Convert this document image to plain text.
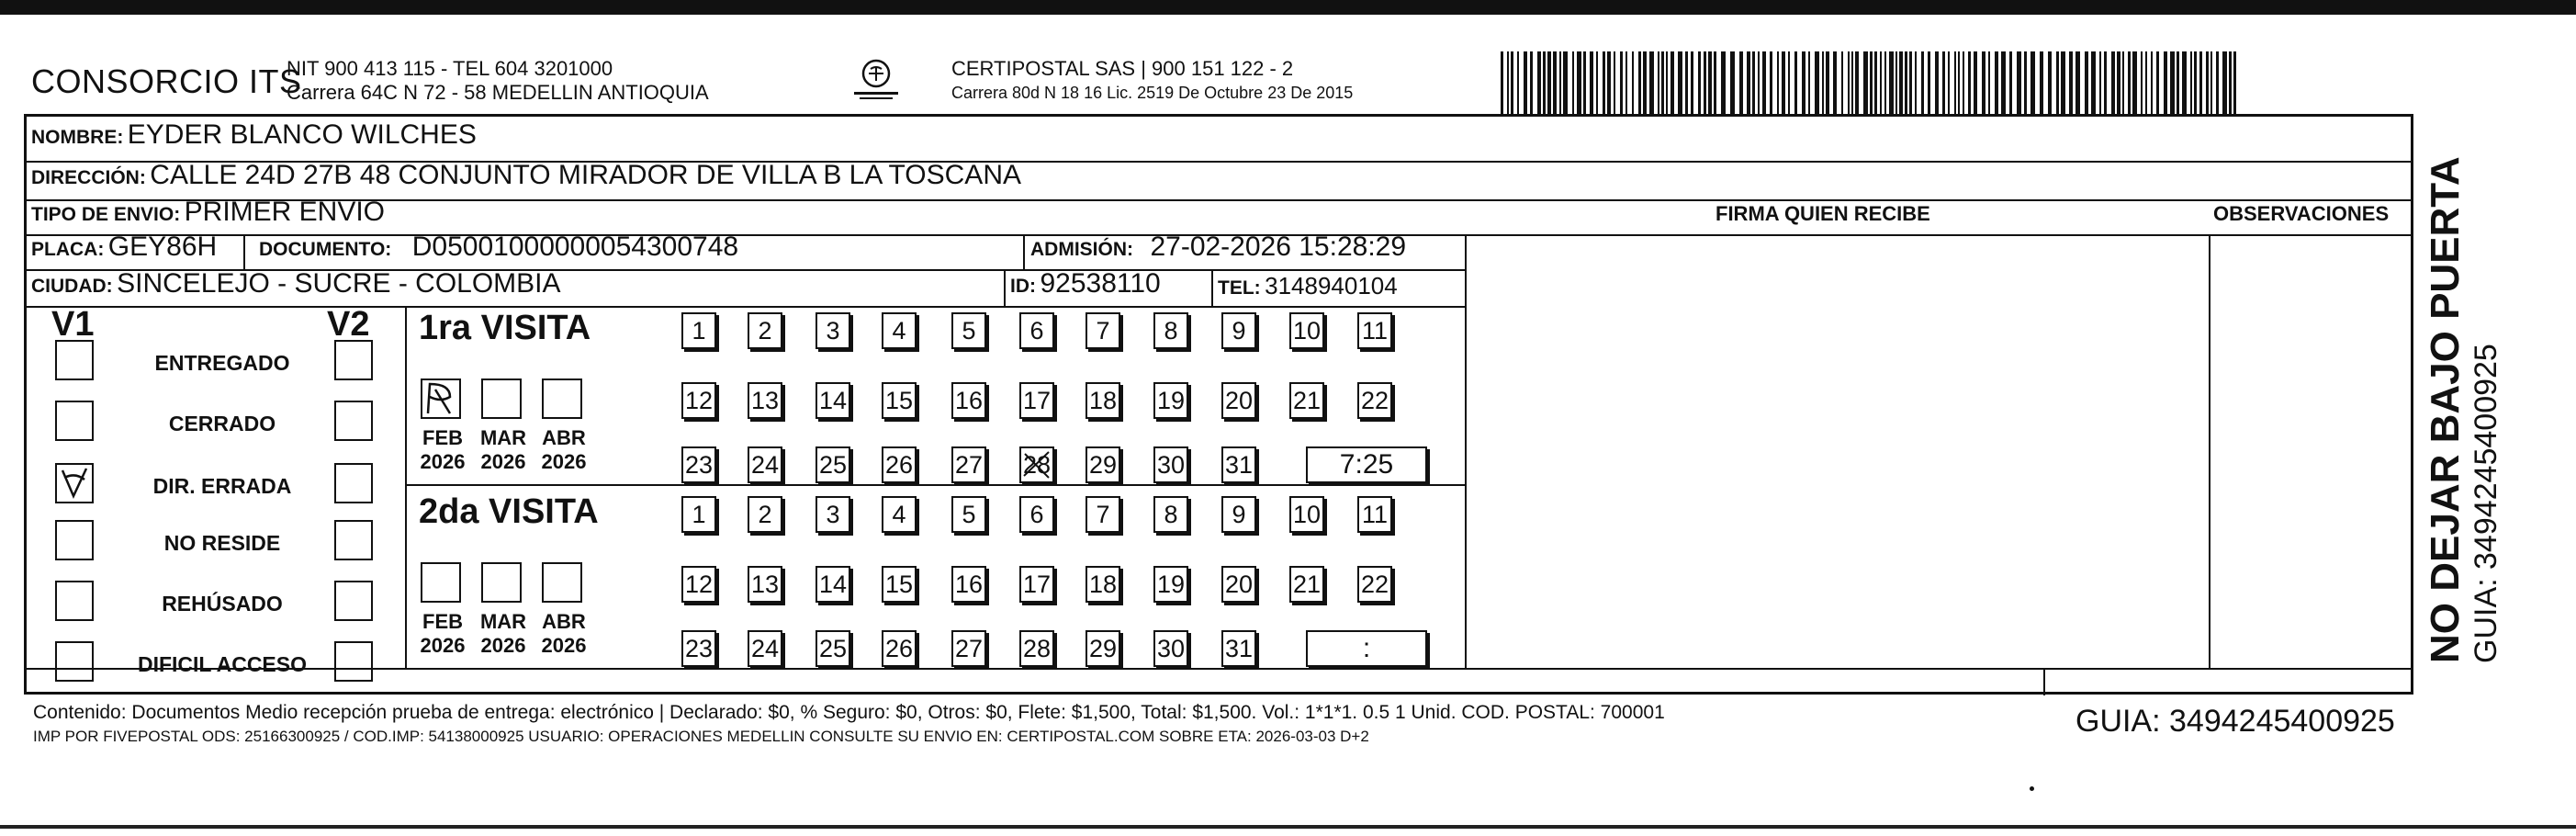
CONSORCIO ITS
NIT 900 413 115 - TEL 604 3201000
Carrera 64C N 72 - 58 MEDELLIN ANTIOQUIA
CERTIPOSTAL SAS | 900 151 122 - 2
Carrera 80d N 18 16 Lic. 2519 De Octubre 23 De 2015
NOMBRE: EYDER BLANCO WILCHES
DIRECCIÓN: CALLE 24D 27B 48 CONJUNTO MIRADOR DE VILLA B LA TOSCANA
TIPO DE ENVIO: PRIMER ENVIO	FIRMA QUIEN RECIBE	OBSERVACIONES
PLACA: GEY86H DOCUMENTO: D05001000000054300748	ADMISIÓN: 27-02-2026 15:28:29
CIUDAD: SINCELEJO - SUCRE - COLOMBIA	ID: 92538110	TEL: 3148940104
V1	V2
ENTREGADO
CERRADO
DIR. ERRADA
NO RESIDE
REHÚSADO
DIFICIL ACCESO
1ra VISITA
FEB
2026
MAR
2026
ABR
2026
1	2	3	4	5	6	7	8	9	10 11
12 13 14 15 16 17 18 19 20 21 22
23 24 25 26 27 28 29 30 31	7:25
2da VISITA
FEB
2026
MAR
2026
ABR
2026
1	2	3	4	5	6	7	8	9	10 11
12 13 14 15 16 17 18 19 20 21 22
23 24 25 26 27 28 29 30 31	:
Contenido: Documentos Medio recepción prueba de entrega: electrónico | Declarado: $0, % Seguro: $0, Otros: $0, Flete: $1,500, Total: $1,500. Vol.: 1*1*1. 0.5 1 Unid. COD. POSTAL: 700001
IMP POR FIVEPOSTAL ODS: 25166300925 / COD.IMP: 54138000925 USUARIO: OPERACIONES MEDELLIN CONSULTE SU ENVIO EN: CERTIPOSTAL.COM SOBRE ETA: 2026-03-03 D+2	GUIA: 3494245400925
NO DEJAR BAJO PUERTA GUIA: 3494245400925
